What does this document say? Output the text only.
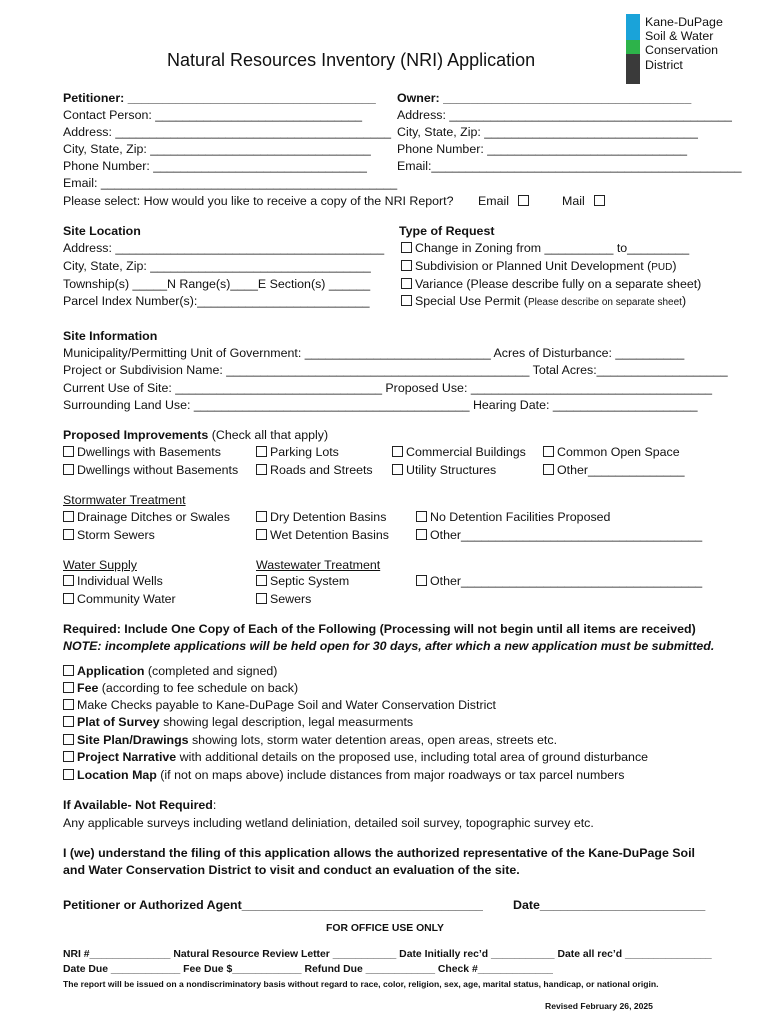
Natural Resources Inventory (NRI) Application
Kane-DuPage
Soil & Water
Conservation
District
Petitioner: ____________________________________
Contact Person: ______________________________
Address: ________________________________________
City, State, Zip: ________________________________
Phone Number: _______________________________
Email: ___________________________________________
Owner: ____________________________________
Address: _________________________________________
City, State, Zip: _______________________________
Phone Number: _____________________________
Email:_____________________________________________
Please select: How would you like to receive a copy of the NRI Report? Email	Mail
Site Location
Address: _______________________________________
City, State, Zip: ________________________________
Township(s) _____N Range(s)____E Section(s) ______
Parcel Index Number(s):_________________________
Type of Request
Change in Zoning from __________ to_________
Subdivision or Planned Unit Development (PUD)
Variance (Please describe fully on a separate sheet)
Special Use Permit (Please describe on separate sheet)
Site Information
Municipality/Permitting Unit of Government: ___________________________ Acres of Disturbance: __________
Project or Subdivision Name: ____________________________________________ Total Acres:___________________
Current Use of Site: ______________________________ Proposed Use: ___________________________________
Surrounding Land Use: ________________________________________ Hearing Date: _____________________
Proposed Improvements (Check all that apply)
Dwellings with Basements
Dwellings without Basements
Parking Lots
Roads and Streets
Commercial Buildings
Utility Structures
Common Open Space
Other______________
Stormwater Treatment
Drainage Ditches or Swales
Storm Sewers
Dry Detention Basins
Wet Detention Basins
No Detention Facilities Proposed
Other___________________________________
Water Supply
Individual Wells
Community Water
Wastewater Treatment
Septic System
Sewers
Other___________________________________
Required: Include One Copy of Each of the Following (Processing will not begin until all items are received)
NOTE: incomplete applications will be held open for 30 days, after which a new application must be submitted.
Application (completed and signed)
Fee (according to fee schedule on back)
Make Checks payable to Kane-DuPage Soil and Water Conservation District
Plat of Survey showing legal description, legal measurments
Site Plan/Drawings showing lots, storm water detention areas, open areas, streets etc.
Project Narrative with additional details on the proposed use, including total area of ground disturbance
Location Map (if not on maps above) include distances from major roadways or tax parcel numbers
If Available- Not Required:
Any applicable surveys including wetland deliniation, detailed soil survey, topographic survey etc.
I (we) understand the filing of this application allows the authorized representative of the Kane-DuPage Soil
and Water Conservation District to visit and conduct an evaluation of the site.
Petitioner or Authorized Agent___________________________________ Date________________________
FOR OFFICE USE ONLY
NRI #______________ Natural Resource Review Letter ___________ Date Initially rec’d ___________ Date all rec’d _______________
Date Due ____________ Fee Due $____________ Refund Due ____________ Check #_____________
The report will be issued on a nondiscriminatory basis without regard to race, color, religion, sex, age, marital status, handicap, or national origin.
Revised February 26, 2025
